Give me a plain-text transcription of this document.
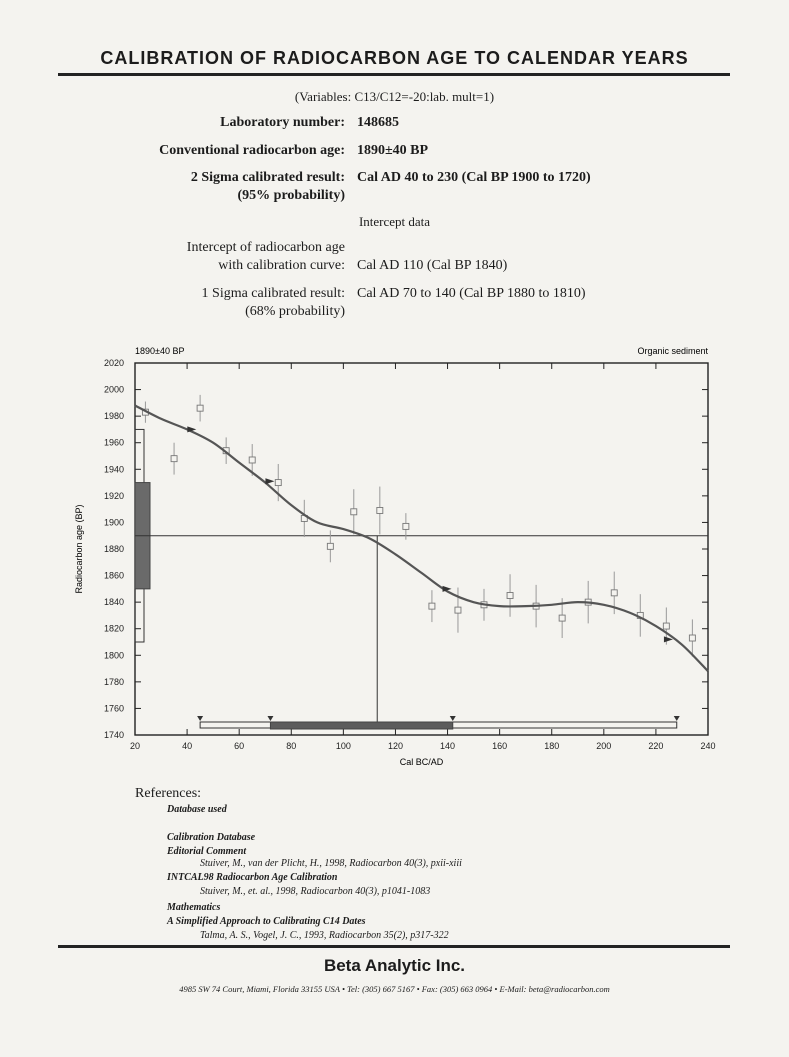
CALIBRATION OF RADIOCARBON AGE TO CALENDAR YEARS
(Variables: C13/C12=-20:lab. mult=1)
Laboratory number: 148685
Conventional radiocarbon age: 1890±40 BP
2 Sigma calibrated result:
(95% probability)
Cal AD 40 to 230 (Cal BP 1900 to 1720)
Intercept data
Intercept of radiocarbon age
with calibration curve: Cal AD 110 (Cal BP 1840)
1 Sigma calibrated result:
(68% probability)
Cal AD 70 to 140 (Cal BP 1880 to 1810)
20	40	60	80	100	120	140	160	180	200	220	240
1740
1760
1780
1800
1820
1840
1860
1880
1900
1920
1940
1960
1980
2000
2020
1890±40 BP	Organic sediment
Cal BC/AD
Radiocarbon age (BP)
References:
Database used
Calibration Database
Editorial Comment
Stuiver, M., van der Plicht, H., 1998, Radiocarbon 40(3), pxii-xiii
INTCAL98 Radiocarbon Age Calibration
Stuiver, M., et. al., 1998, Radiocarbon 40(3), p1041-1083
Mathematics
A Simplified Approach to Calibrating C14 Dates
Talma, A. S., Vogel, J. C., 1993, Radiocarbon 35(2), p317-322
Beta Analytic Inc.
4985 SW 74 Court, Miami, Florida 33155 USA • Tel: (305) 667 5167 • Fax: (305) 663 0964 • E-Mail: beta@radiocarbon.com
